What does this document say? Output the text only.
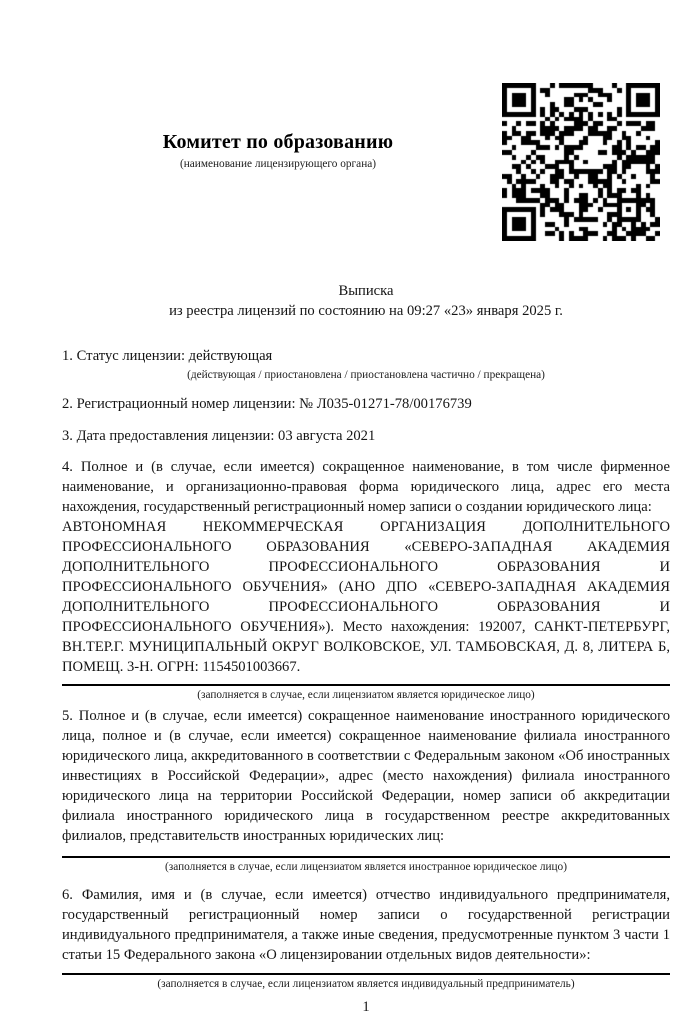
Комитет по образованию
(наименование лицензирующего органа)
Выписка
из реестра лицензий по состоянию на 09:27 «23» января 2025 г.
1. Статус лицензии: действующая
(действующая / приостановлена / приостановлена частично / прекращена)
2. Регистрационный номер лицензии: № Л035-01271-78/00176739
3. Дата предоставления лицензии: 03 августа 2021
4. Полное и (в случае, если имеется) сокращенное наименование, в том числе фирменное наименование, и организационно-правовая форма юридического лица, адрес его места нахождения, государственный регистрационный номер записи о создании юридического лица:
АВТОНОМНАЯ НЕКОММЕРЧЕСКАЯ ОРГАНИЗАЦИЯ ДОПОЛНИТЕЛЬНОГО ПРОФЕССИОНАЛЬНОГО ОБРАЗОВАНИЯ «СЕВЕРО-ЗАПАДНАЯ АКАДЕМИЯ ДОПОЛНИТЕЛЬНОГО ПРОФЕССИОНАЛЬНОГО ОБРАЗОВАНИЯ И ПРОФЕССИОНАЛЬНОГО ОБУЧЕНИЯ» (АНО ДПО «СЕВЕРО-ЗАПАДНАЯ АКАДЕМИЯ ДОПОЛНИТЕЛЬНОГО ПРОФЕССИОНАЛЬНОГО ОБРАЗОВАНИЯ И ПРОФЕССИОНАЛЬНОГО ОБУЧЕНИЯ»). Место нахождения: 192007, САНКТ-ПЕТЕРБУРГ, ВН.ТЕР.Г. МУНИЦИПАЛЬНЫЙ ОКРУГ ВОЛКОВСКОЕ, УЛ. ТАМБОВСКАЯ, Д. 8, ЛИТЕРА Б, ПОМЕЩ. 3-Н. ОГРН: 1154501003667.
(заполняется в случае, если лицензиатом является юридическое лицо)
5. Полное и (в случае, если имеется) сокращенное наименование иностранного юридического лица, полное и (в случае, если имеется) сокращенное наименование филиала иностранного юридического лица, аккредитованного в соответствии с Федеральным законом «Об иностранных инвестициях в Российской Федерации», адрес (место нахождения) филиала иностранного юридического лица на территории Российской Федерации, номер записи об аккредитации филиала иностранного юридического лица в государственном реестре аккредитованных филиалов, представительств иностранных юридических лиц:
(заполняется в случае, если лицензиатом является иностранное юридическое лицо)
6. Фамилия, имя и (в случае, если имеется) отчество индивидуального предпринимателя, государственный регистрационный номер записи о государственной регистрации индивидуального предпринимателя, а также иные сведения, предусмотренные пунктом 3 части 1 статьи 15 Федерального закона «О лицензировании отдельных видов деятельности»:
(заполняется в случае, если лицензиатом является индивидуальный предприниматель)
1
